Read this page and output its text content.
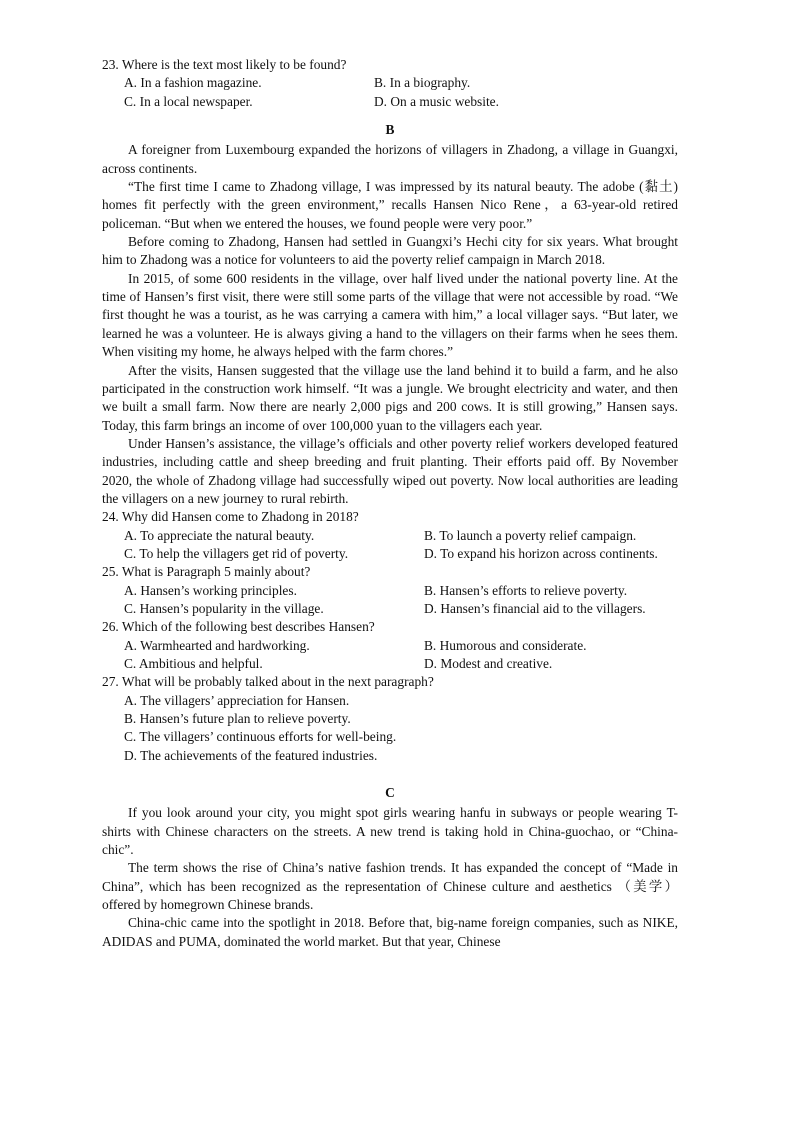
23. Where is the text most likely to be found?

A. In a fashion magazine.	B. In a biography.
C. In a local newspaper.	D. On a music website.

B

A foreigner from Luxembourg expanded the horizons of villagers in Zhadong, a village in Guangxi, across continents.

“The first time I came to Zhadong village, I was impressed by its natural beauty. The adobe (黏土) homes fit perfectly with the green environment,” recalls Hansen Nico Rene，a 63-year-old retired policeman. “But when we entered the houses, we found people were very poor.”

Before coming to Zhadong, Hansen had settled in Guangxi’s Hechi city for six years. What brought him to Zhadong was a notice for volunteers to aid the poverty relief campaign in March 2018.

In 2015, of some 600 residents in the village, over half lived under the national poverty line. At the time of Hansen’s first visit, there were still some parts of the village that were not accessible by road. “We first thought he was a tourist, as he was carrying a camera with him,” a local villager says. “But later, we learned he was a volunteer. He is always giving a hand to the villagers on their farms when he sees them. When visiting my home, he always helped with the farm chores.”

After the visits, Hansen suggested that the village use the land behind it to build a farm, and he also participated in the construction work himself. “It was a jungle. We brought electricity and water, and then we built a small farm. Now there are nearly 2,000 pigs and 200 cows. It is still growing,” Hansen says. Today, this farm brings an income of over 100,000 yuan to the villagers each year.

Under Hansen’s assistance, the village’s officials and other poverty relief workers developed featured industries, including cattle and sheep breeding and fruit planting. Their efforts paid off. By November 2020, the whole of Zhadong village had successfully wiped out poverty. Now local authorities are leading the villagers on a new journey to rural rebirth.

24. Why did Hansen come to Zhadong in 2018?

A. To appreciate the natural beauty.	B. To launch a poverty relief campaign.
C. To help the villagers get rid of poverty.	D. To expand his horizon across continents.

25. What is Paragraph 5 mainly about?

A. Hansen’s working principles.	B. Hansen’s efforts to relieve poverty.
C. Hansen’s popularity in the village.	D. Hansen’s financial aid to the villagers.

26. Which of the following best describes Hansen?

A. Warmhearted and hardworking.	B. Humorous and considerate.
C. Ambitious and helpful.	D. Modest and creative.

27. What will be probably talked about in the next paragraph?

A. The villagers’ appreciation for Hansen.
B. Hansen’s future plan to relieve poverty.
C. The villagers’ continuous efforts for well-being.
D. The achievements of the featured industries.

C

If you look around your city, you might spot girls wearing hanfu in subways or people wearing T-shirts with Chinese characters on the streets. A new trend is taking hold in China-guochao, or “China-chic”.

The term shows the rise of China’s native fashion trends. It has expanded the concept of “Made in China”, which has been recognized as the representation of Chinese culture and aesthetics （美学）offered by homegrown Chinese brands.

China-chic came into the spotlight in 2018. Before that, big-name foreign companies, such as NIKE, ADIDAS and PUMA, dominated the world market. But that year, Chinese
